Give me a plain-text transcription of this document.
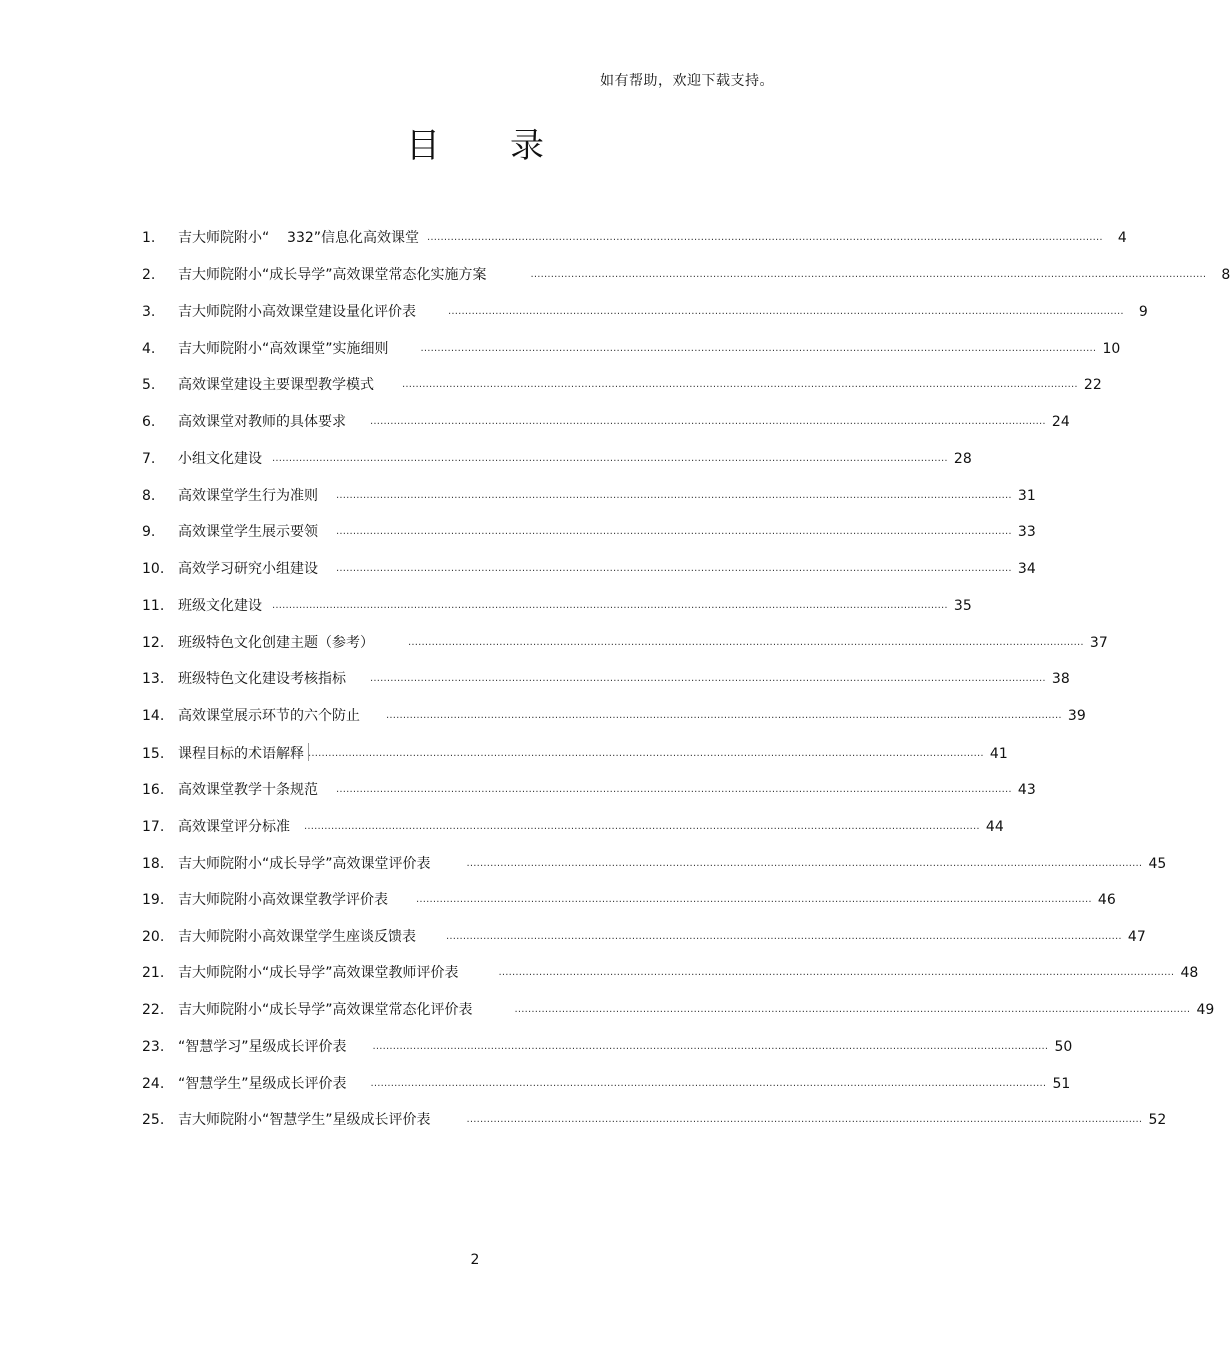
如有帮助，欢迎下载支持。
目录
1.	吉大师院附小“    332”信息化高效课堂 ........................................................................................................................................................................................................	4
2.	吉大师院附小“成长导学”高效课堂常态化实施方案	........................................................................................................................................................................................................	8
3.	吉大师院附小高效课堂建设量化评价表	........................................................................................................................................................................................................	9
4.	吉大师院附小“高效课堂”实施细则	........................................................................................................................................................................................................ 10
5.	高效课堂建设主要课型教学模式	........................................................................................................................................................................................................ 22
6.	高效课堂对教师的具体要求 ........................................................................................................................................................................................................ 24
7.	小组文化建设 ........................................................................................................................................................................................................ 28
8.	高效课堂学生行为准则 ........................................................................................................................................................................................................ 31
9.	高效课堂学生展示要领 ........................................................................................................................................................................................................ 33
10. 高效学习研究小组建设 ........................................................................................................................................................................................................ 34
11. 班级文化建设 ........................................................................................................................................................................................................ 35
12. 班级特色文化创建主题（参考）	........................................................................................................................................................................................................ 37
13. 班级特色文化建设考核指标 ........................................................................................................................................................................................................ 38
14. 高效课堂展示环节的六个防止	........................................................................................................................................................................................................ 39
15. 课程目标的术语解释 ........................................................................................................................................................................................................ 41
16. 高效课堂教学十条规范 ........................................................................................................................................................................................................ 43
17. 高效课堂评分标准 ........................................................................................................................................................................................................ 44
18. 吉大师院附小“成长导学”高效课堂评价表	........................................................................................................................................................................................................ 45
19. 吉大师院附小高效课堂教学评价表	........................................................................................................................................................................................................ 46
20. 吉大师院附小高效课堂学生座谈反馈表	........................................................................................................................................................................................................ 47
21. 吉大师院附小“成长导学”高效课堂教师评价表	........................................................................................................................................................................................................ 48
22. 吉大师院附小“成长导学”高效课堂常态化评价表	........................................................................................................................................................................................................ 49
23. “智慧学习”星级成长评价表	........................................................................................................................................................................................................ 50
24. “智慧学生”星级成长评价表 ........................................................................................................................................................................................................ 51
25. 吉大师院附小“智慧学生”星级成长评价表	........................................................................................................................................................................................................ 52
2
